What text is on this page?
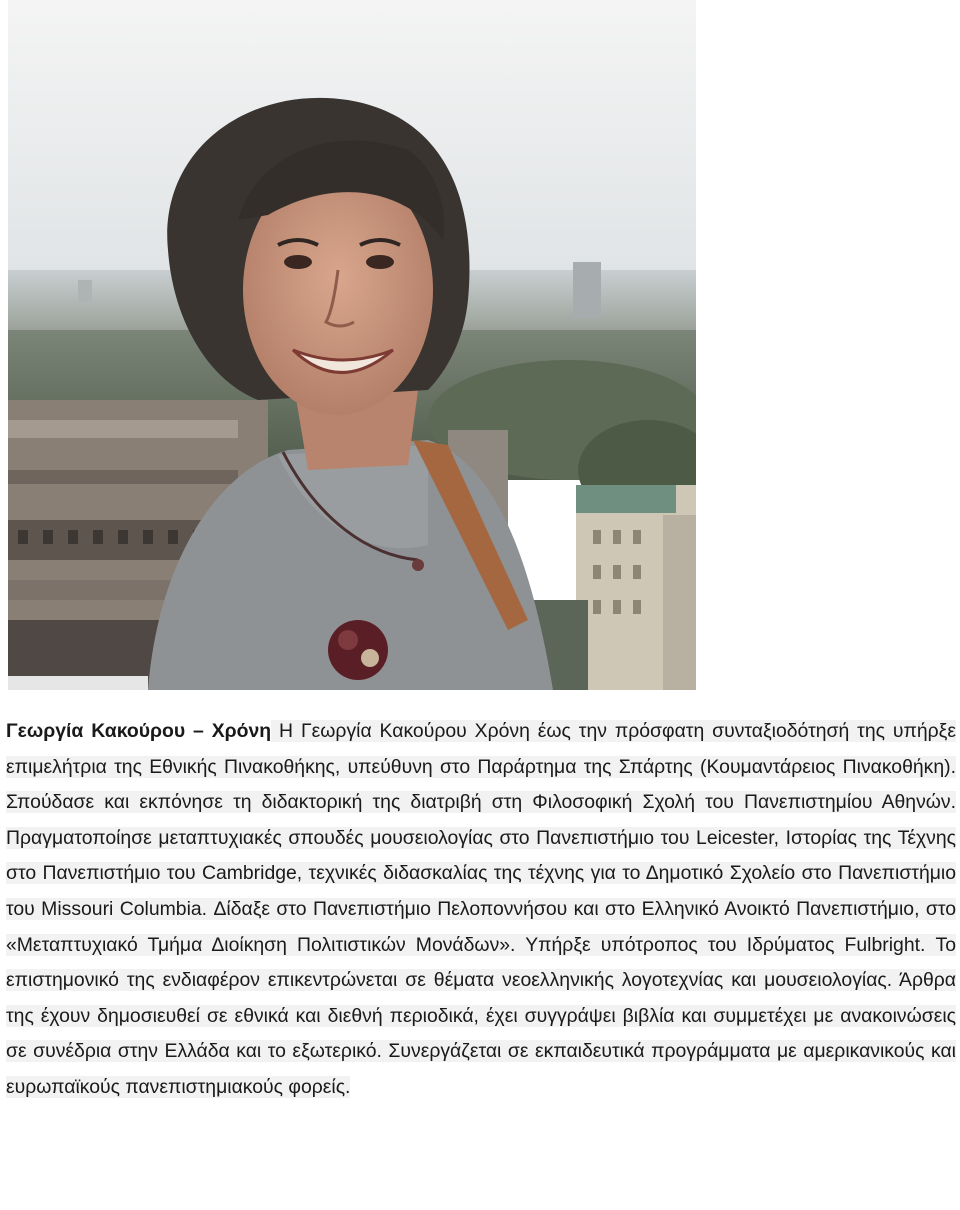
Γεωργία Κακούρου – Χρόνη Η Γεωργία Κακούρου Χρόνη έως την πρόσφατη συνταξιοδότησή της υπήρξε επιμελήτρια της Εθνικής Πινακοθήκης, υπεύθυνη στο Παράρτημα της Σπάρτης (Κουμαντάρειος Πινακοθήκη). Σπούδασε και εκπόνησε τη διδακτορική της διατριβή στη Φιλοσοφική Σχολή του Πανεπιστημίου Αθηνών. Πραγματοποίησε μεταπτυχιακές σπουδές μουσειολογίας στο Πανεπιστήμιο του Leicester, Ιστορίας της Τέχνης στο Πανεπιστήμιο του Cambridge, τεχνικές διδασκαλίας της τέχνης για το Δημοτικό Σχολείο στο Πανεπιστήμιο του Missouri Columbia. Δίδαξε στο Πανεπιστήμιο Πελοποννήσου και στο Ελληνικό Ανοικτό Πανεπιστήμιο, στο «Μεταπτυχιακό Τμήμα Διοίκηση Πολιτιστικών Μονάδων». Υπήρξε υπότροπος του Ιδρύματος Fulbright. Το επιστημονικό της ενδιαφέρον επικεντρώνεται σε θέματα νεοελληνικής λογοτεχνίας και μουσειολογίας. Άρθρα της έχουν δημοσιευθεί σε εθνικά και διεθνή περιοδικά, έχει συγγράψει βιβλία και συμμετέχει με ανακοινώσεις σε συνέδρια στην Ελλάδα και το εξωτερικό. Συνεργάζεται σε εκπαιδευτικά προγράμματα με αμερικανικούς και ευρωπαϊκούς πανεπιστημιακούς φορείς.
